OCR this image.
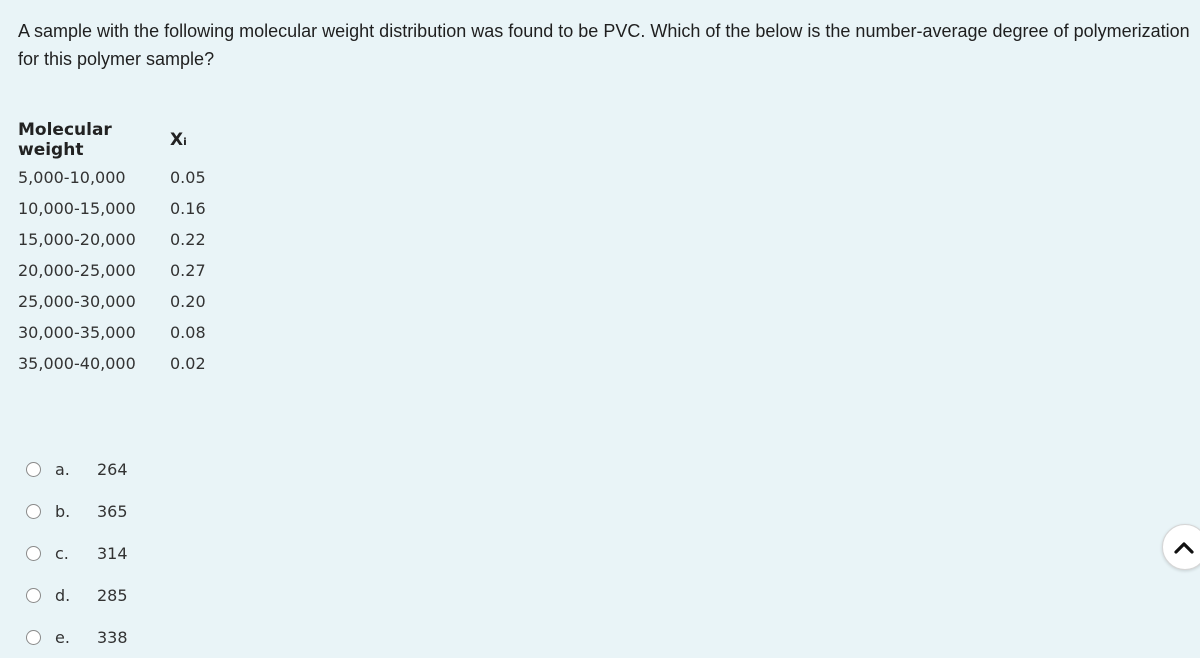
A sample with the following molecular weight distribution was found to be PVC. Which of the below is the number-average degree of polymerization for this polymer sample?
Molecular weight	Xᵢ
5,000-10,000	0.05
10,000-15,000	0.16
15,000-20,000	0.22
20,000-25,000	0.27
25,000-30,000	0.20
30,000-35,000	0.08
35,000-40,000	0.02
a.	264
b.	365
c.	314
d.	285
e.	338
